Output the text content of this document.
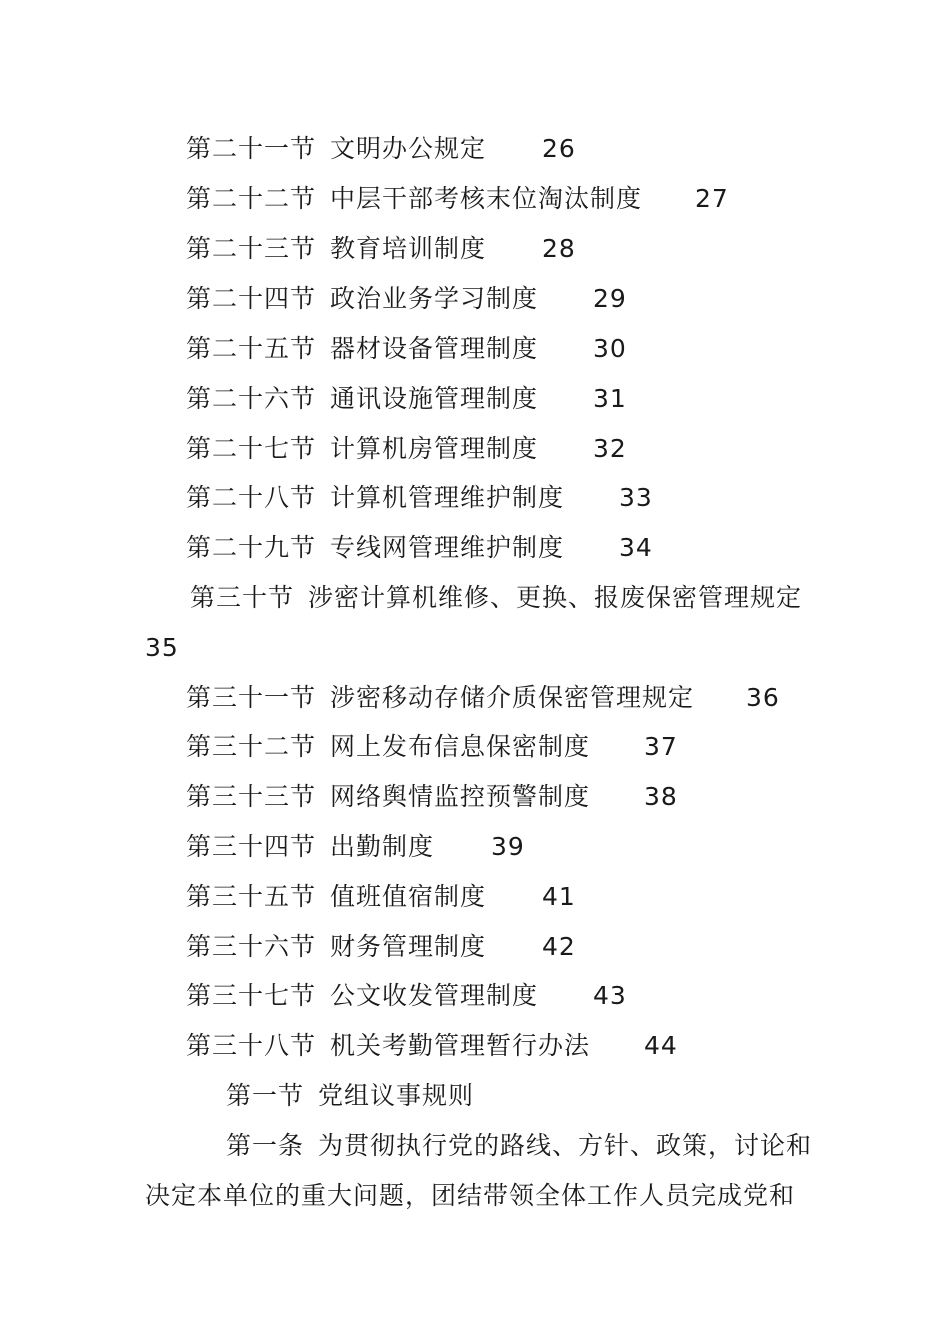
第二十一节 文明办公规定 26
第二十二节 中层干部考核末位淘汰制度 27
第二十三节 教育培训制度 28
第二十四节 政治业务学习制度 29
第二十五节 器材设备管理制度 30
第二十六节 通讯设施管理制度 31
第二十七节 计算机房管理制度 32
第二十八节 计算机管理维护制度 33
第二十九节 专线网管理维护制度 34
第三十节 涉密计算机维修、更换、报废保密管理规定
35
第三十一节 涉密移动存储介质保密管理规定 36
第三十二节 网上发布信息保密制度 37
第三十三节 网络舆情监控预警制度 38
第三十四节 出勤制度 39
第三十五节 值班值宿制度 41
第三十六节 财务管理制度 42
第三十七节 公文收发管理制度 43
第三十八节 机关考勤管理暂行办法 44
第一节 党组议事规则
第一条 为贯彻执行党的路线、方针、政策，讨论和
决定本单位的重大问题，团结带领全体工作人员完成党和
